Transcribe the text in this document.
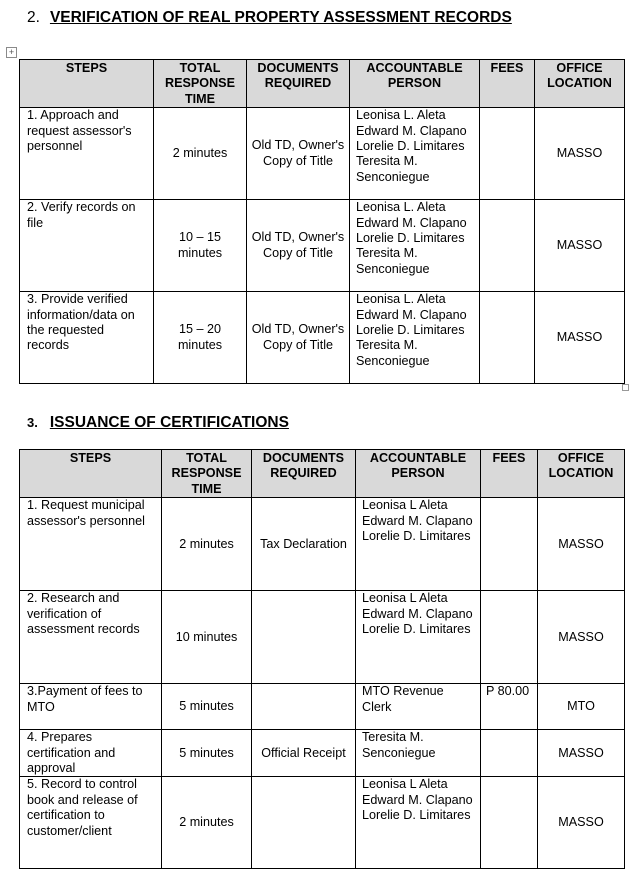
2. VERIFICATION OF REAL PROPERTY ASSESSMENT RECORDS
+
STEPS	TOTAL RESPONSE TIME	DOCUMENTS REQUIRED	ACCOUNTABLE PERSON	FEES	OFFICE LOCATION
1. Approach and request assessor's personnel	2 minutes	Old TD, Owner's Copy of Title	Leonisa L. Aleta
Edward M. Clapano
Lorelie D. Limitares
Teresita M. Senconiegue		MASSO
2. Verify records on file	10 – 15 minutes	Old TD, Owner's Copy of Title	Leonisa L. Aleta
Edward M. Clapano
Lorelie D. Limitares
Teresita M. Senconiegue		MASSO
3. Provide verified information/data on the requested records	15 – 20 minutes	Old TD, Owner's Copy of Title	Leonisa L. Aleta
Edward M. Clapano
Lorelie D. Limitares
Teresita M. Senconiegue		MASSO
3. ISSUANCE OF CERTIFICATIONS
STEPS	TOTAL RESPONSE TIME	DOCUMENTS REQUIRED	ACCOUNTABLE PERSON	FEES	OFFICE LOCATION
1. Request municipal assessor's personnel	2 minutes	Tax Declaration	Leonisa L Aleta
Edward M. Clapano
Lorelie D. Limitares		MASSO
2. Research and verification of assessment records	10 minutes		Leonisa L Aleta
Edward M. Clapano
Lorelie D. Limitares		MASSO
3.Payment of fees to MTO	5 minutes		MTO Revenue Clerk	P 80.00	MTO
4. Prepares certification and approval	5 minutes	Official Receipt	Teresita M. Senconiegue		MASSO
5. Record to control book and release of certification to customer/client	2 minutes		Leonisa L Aleta
Edward M. Clapano
Lorelie D. Limitares		MASSO
